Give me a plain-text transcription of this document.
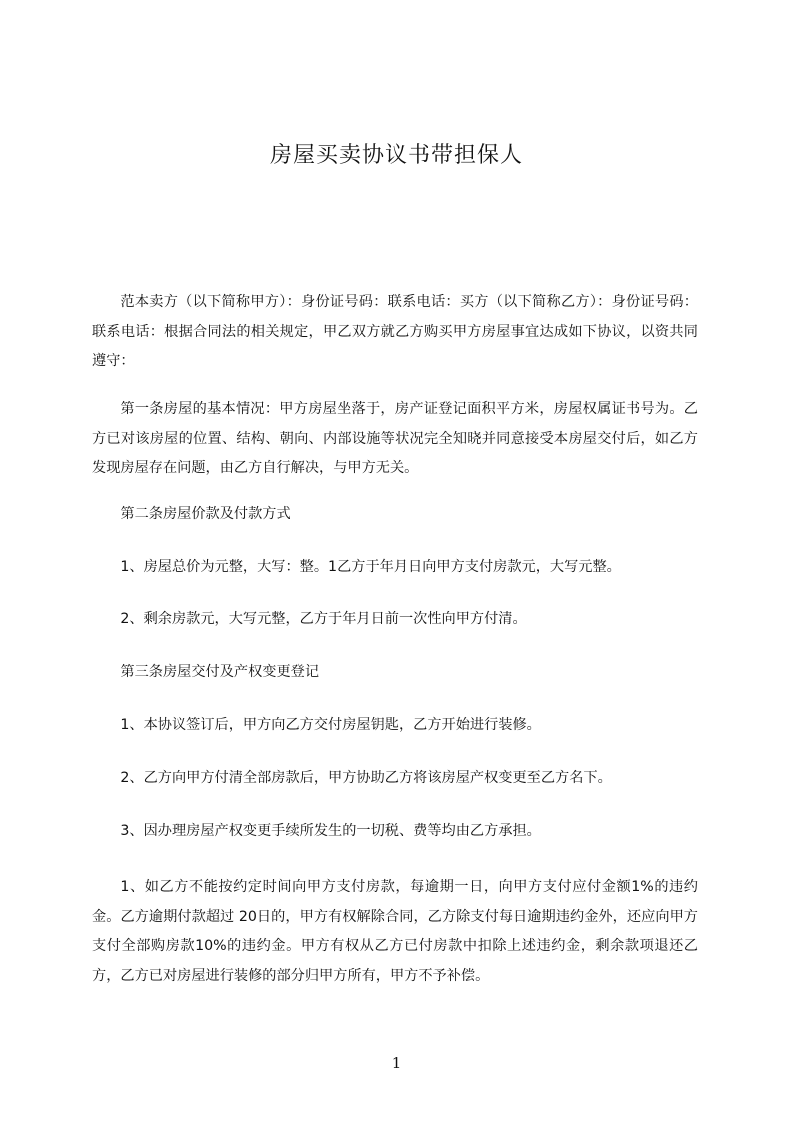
房屋买卖协议书带担保人
范本卖方（以下简称甲方）：身份证号码：联系电话：买方（以下简称乙方）：身份证号码：联系电话：根据合同法的相关规定，甲乙双方就乙方购买甲方房屋事宜达成如下协议，以资共同遵守：
第一条房屋的基本情况：甲方房屋坐落于，房产证登记面积平方米，房屋权属证书号为。乙方已对该房屋的位置、结构、朝向、内部设施等状况完全知晓并同意接受本房屋交付后，如乙方发现房屋存在问题，由乙方自行解决，与甲方无关。
第二条房屋价款及付款方式
1、房屋总价为元整，大写：整。1乙方于年月日向甲方支付房款元，大写元整。
2、剩余房款元，大写元整，乙方于年月日前一次性向甲方付清。
第三条房屋交付及产权变更登记
1、本协议签订后，甲方向乙方交付房屋钥匙，乙方开始进行装修。
2、乙方向甲方付清全部房款后，甲方协助乙方将该房屋产权变更至乙方名下。
3、因办理房屋产权变更手续所发生的一切税、费等均由乙方承担。
1、如乙方不能按约定时间向甲方支付房款，每逾期一日，向甲方支付应付金额1%的违约金。乙方逾期付款超过 20日的，甲方有权解除合同，乙方除支付每日逾期违约金外，还应向甲方支付全部购房款10%的违约金。甲方有权从乙方已付房款中扣除上述违约金，剩余款项退还乙方，乙方已对房屋进行装修的部分归甲方所有，甲方不予补偿。
1
